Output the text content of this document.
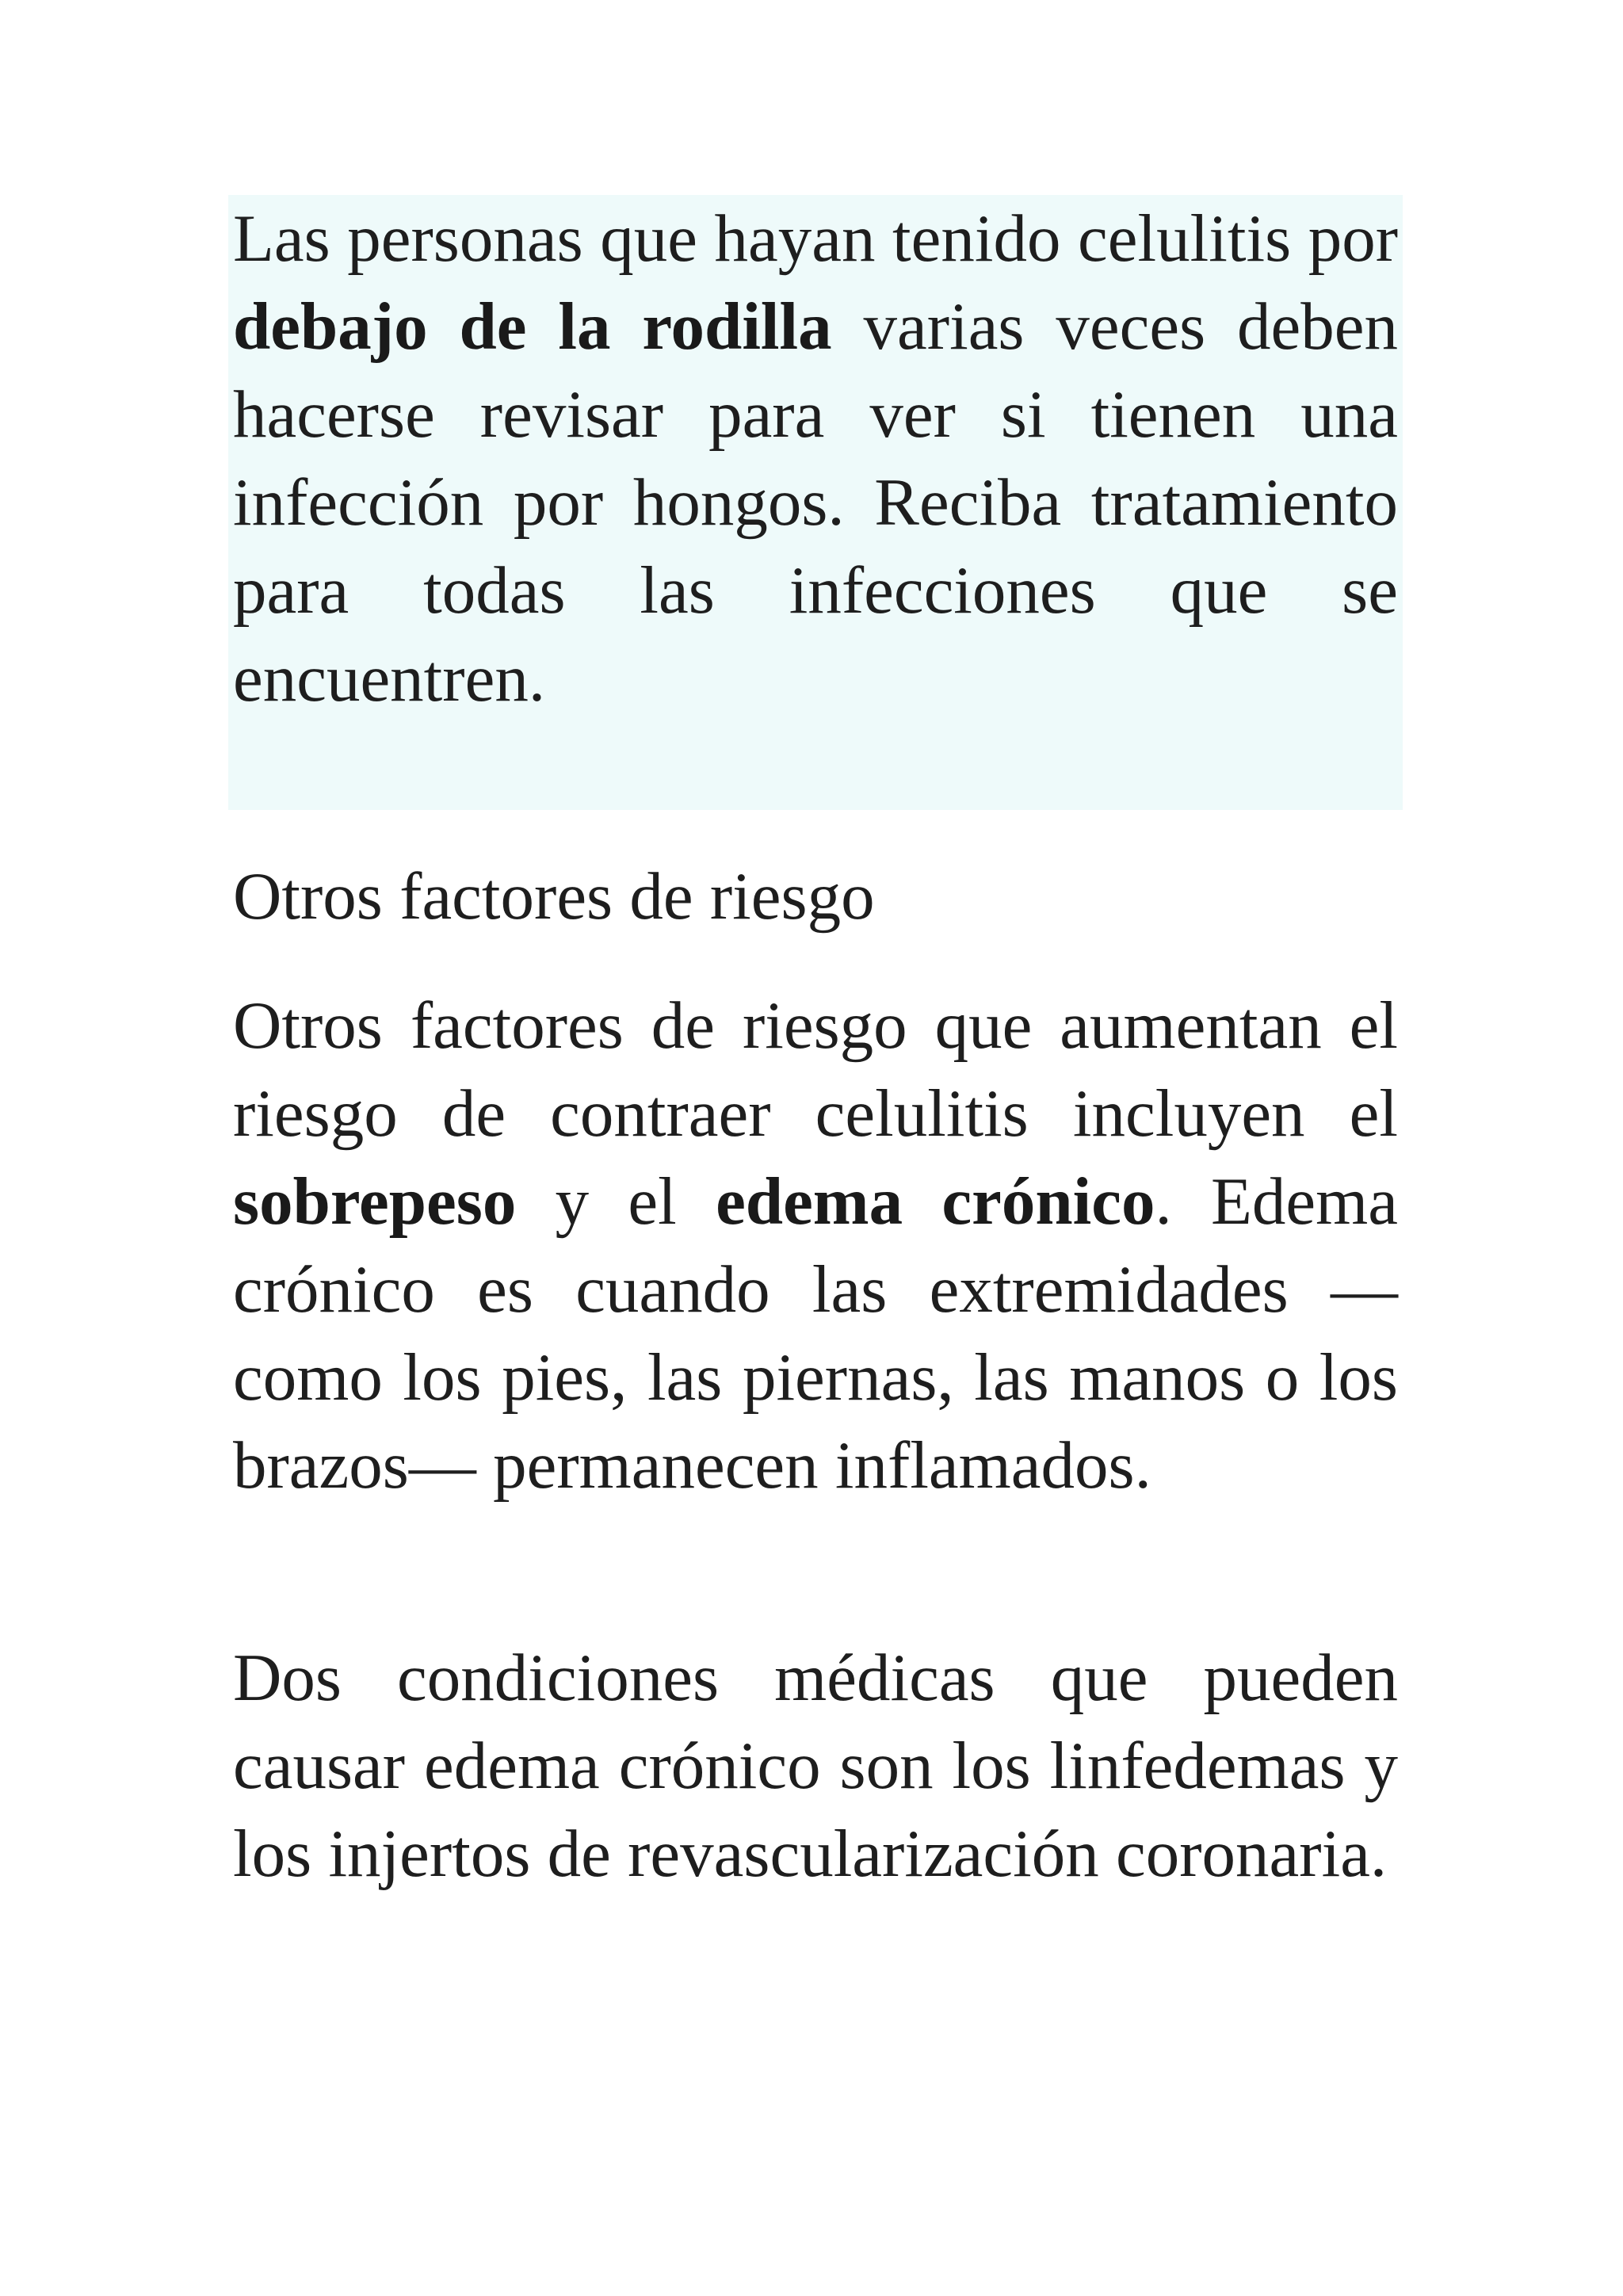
Las personas que hayan tenido celulitis por debajo de la rodilla varias veces deben hacerse revisar para ver si tienen una infección por hongos. Reciba tratamiento para todas las infecciones que se encuentren.

Otros factores de riesgo

Otros factores de riesgo que aumentan el riesgo de contraer celulitis incluyen el sobrepeso y el edema crónico. Edema crónico es cuando las extremidades —como los pies, las piernas, las manos o los brazos— permanecen inflamados.

Dos condiciones médicas que pueden causar edema crónico son los linfedemas y los injertos de revascularización coronaria.
